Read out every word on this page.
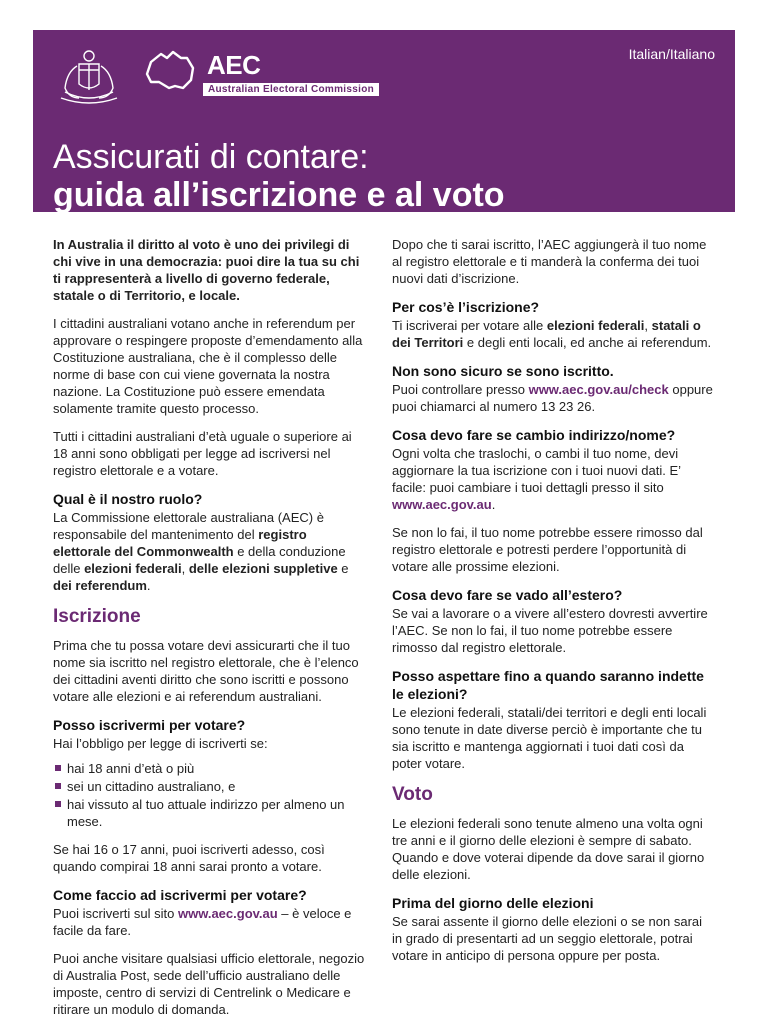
Italian/Italiano
AEC
Australian Electoral Commission
Assicurati di contare:
guida all’iscrizione e al voto

In Australia il diritto al voto è uno dei privilegi di chi vive in una democrazia: puoi dire la tua su chi ti rappresenterà a livello di governo federale, statale o di Territorio, e locale.

I cittadini australiani votano anche in referendum per approvare o respingere proposte d’emendamento alla Costituzione australiana, che è il complesso delle norme di base con cui viene governata la nostra nazione. La Costituzione può essere emendata solamente tramite questo processo.

Tutti i cittadini australiani d’età uguale o superiore ai 18 anni sono obbligati per legge ad iscriversi nel registro elettorale e a votare.

Qual è il nostro ruolo?

La Commissione elettorale australiana (AEC) è responsabile del mantenimento del registro elettorale del Commonwealth e della conduzione delle elezioni federali, delle elezioni suppletive e dei referendum.

Iscrizione

Prima che tu possa votare devi assicurarti che il tuo nome sia iscritto nel registro elettorale, che è l’elenco dei cittadini aventi diritto che sono iscritti e possono votare alle elezioni e ai referendum australiani.

Posso iscrivermi per votare?

Hai l’obbligo per legge di iscriverti se:

hai 18 anni d’età o più
sei un cittadino australiano, e
hai vissuto al tuo attuale indirizzo per almeno un mese.

Se hai 16 o 17 anni, puoi iscriverti adesso, così quando compirai 18 anni sarai pronto a votare.

Come faccio ad iscrivermi per votare?

Puoi iscriverti sul sito www.aec.gov.au – è veloce e facile da fare.

Puoi anche visitare qualsiasi ufficio elettorale, negozio di Australia Post, sede dell’ufficio australiano delle imposte, centro di servizi di Centrelink o Medicare e ritirare un modulo di domanda.

Dopo che ti sarai iscritto, l’AEC aggiungerà il tuo nome al registro elettorale e ti manderà la conferma dei tuoi nuovi dati d’iscrizione.

Per cos’è l’iscrizione?

Ti iscriverai per votare alle elezioni federali, statali o dei Territori e degli enti locali, ed anche ai referendum.

Non sono sicuro se sono iscritto.

Puoi controllare presso www.aec.gov.au/check oppure puoi chiamarci al numero 13 23 26.

Cosa devo fare se cambio indirizzo/nome?

Ogni volta che traslochi, o cambi il tuo nome, devi aggiornare la tua iscrizione con i tuoi nuovi dati. E’ facile: puoi cambiare i tuoi dettagli presso il sito www.aec.gov.au.

Se non lo fai, il tuo nome potrebbe essere rimosso dal registro elettorale e potresti perdere l’opportunità di votare alle prossime elezioni.

Cosa devo fare se vado all’estero?

Se vai a lavorare o a vivere all’estero dovresti avvertire l’AEC. Se non lo fai, il tuo nome potrebbe essere rimosso dal registro elettorale.

Posso aspettare fino a quando saranno indette le elezioni?

Le elezioni federali, statali/dei territori e degli enti locali sono tenute in date diverse perciò è importante che tu sia iscritto e mantenga aggiornati i tuoi dati così da poter votare.

Voto

Le elezioni federali sono tenute almeno una volta ogni tre anni e il giorno delle elezioni è sempre di sabato. Quando e dove voterai dipende da dove sarai il giorno delle elezioni.

Prima del giorno delle elezioni

Se sarai assente il giorno delle elezioni o se non sarai in grado di presentarti ad un seggio elettorale, potrai votare in anticipo di persona oppure per posta.
